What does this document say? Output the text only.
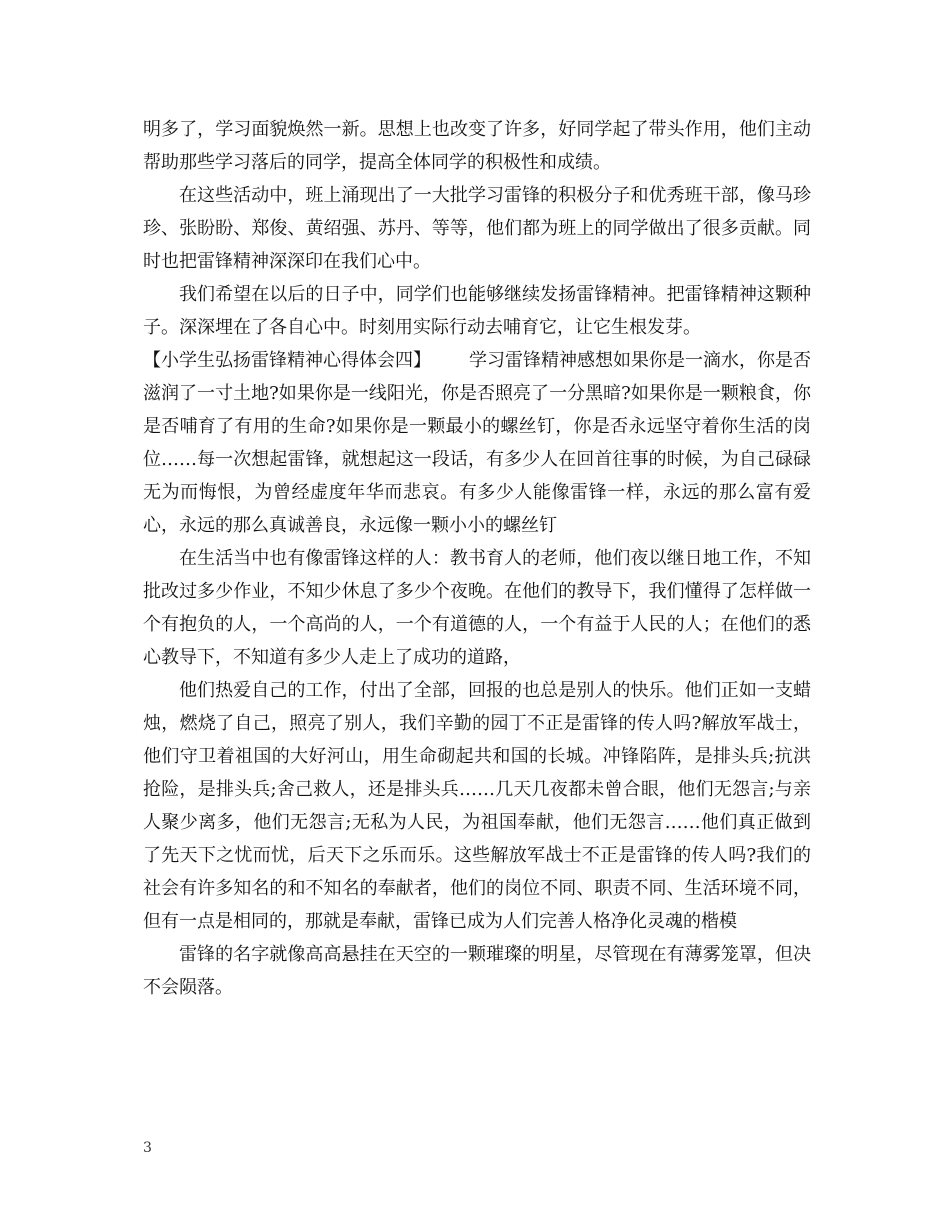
明多了，学习面貌焕然一新。思想上也改变了许多，好同学起了带头作用，他们主动帮助那些学习落后的同学，提高全体同学的积极性和成绩。

在这些活动中，班上涌现出了一大批学习雷锋的积极分子和优秀班干部，像马珍珍、张盼盼、郑俊、黄绍强、苏丹、等等，他们都为班上的同学做出了很多贡献。同时也把雷锋精神深深印在我们心中。

我们希望在以后的日子中，同学们也能够继续发扬雷锋精神。把雷锋精神这颗种子。深深埋在了各自心中。时刻用实际行动去哺育它，让它生根发芽。

【小学生弘扬雷锋精神心得体会四】 学习雷锋精神感想如果你是一滴水，你是否滋润了一寸土地?如果你是一线阳光，你是否照亮了一分黑暗?如果你是一颗粮食，你是否哺育了有用的生命?如果你是一颗最小的螺丝钉，你是否永远坚守着你生活的岗位……每一次想起雷锋，就想起这一段话，有多少人在回首往事的时候，为自己碌碌无为而悔恨，为曾经虚度年华而悲哀。有多少人能像雷锋一样，永远的那么富有爱心，永远的那么真诚善良，永远像一颗小小的螺丝钉

在生活当中也有像雷锋这样的人：教书育人的老师，他们夜以继日地工作，不知批改过多少作业，不知少休息了多少个夜晚。在他们的教导下，我们懂得了怎样做一个有抱负的人，一个高尚的人，一个有道德的人，一个有益于人民的人；在他们的悉心教导下，不知道有多少人走上了成功的道路，

他们热爱自己的工作，付出了全部，回报的也总是别人的快乐。他们正如一支蜡烛，燃烧了自己，照亮了别人，我们辛勤的园丁不正是雷锋的传人吗?解放军战士，他们守卫着祖国的大好河山，用生命砌起共和国的长城。冲锋陷阵，是排头兵;抗洪抢险，是排头兵;舍己救人，还是排头兵……几天几夜都未曾合眼，他们无怨言;与亲人聚少离多，他们无怨言;无私为人民，为祖国奉献，他们无怨言……他们真正做到了先天下之忧而忧，后天下之乐而乐。这些解放军战士不正是雷锋的传人吗?我们的社会有许多知名的和不知名的奉献者，他们的岗位不同、职责不同、生活环境不同，但有一点是相同的，那就是奉献，雷锋已成为人们完善人格净化灵魂的楷模

雷锋的名字就像高高悬挂在天空的一颗璀璨的明星，尽管现在有薄雾笼罩，但决不会陨落。

3
